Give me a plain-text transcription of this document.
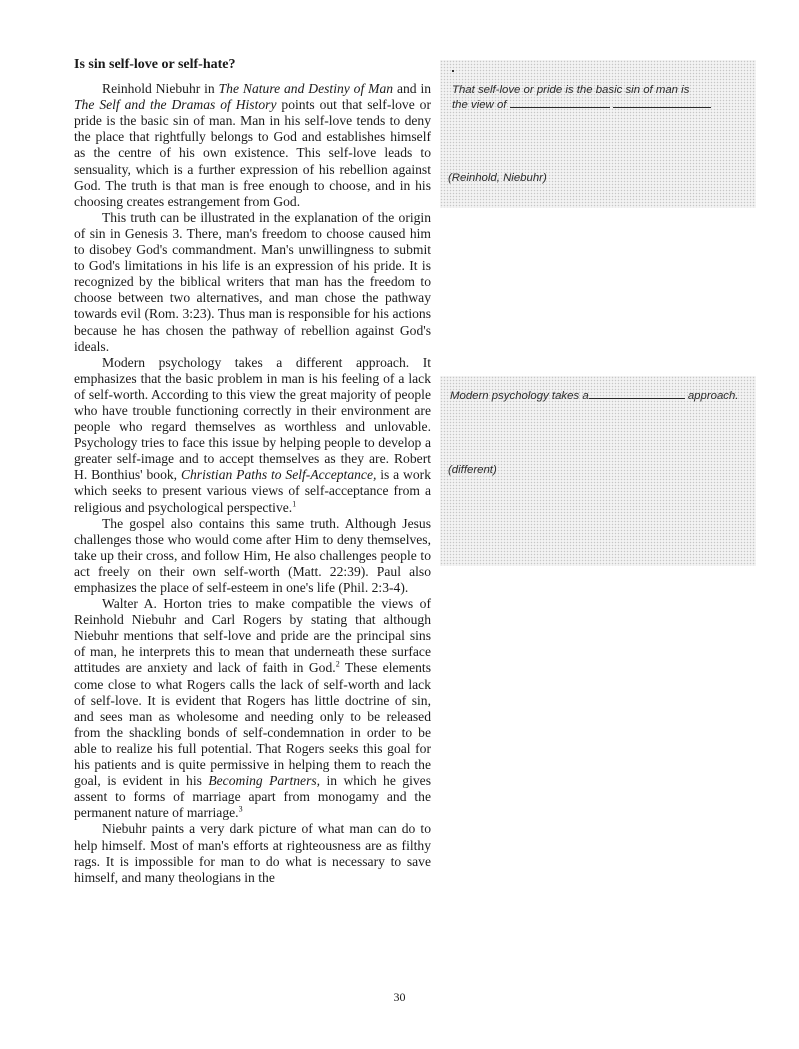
Is sin self-love or self-hate?

Reinhold Niebuhr in The Nature and Destiny of Man and in The Self and the Dramas of History points out that self-love or pride is the basic sin of man. Man in his self-love tends to deny the place that rightfully belongs to God and establishes himself as the centre of his own existence. This self-love leads to sensuality, which is a further expression of his rebellion against God. The truth is that man is free enough to choose, and in his choosing creates estrangement from God.

This truth can be illustrated in the explanation of the origin of sin in Genesis 3. There, man's freedom to choose caused him to disobey God's commandment. Man's unwillingness to submit to God's limitations in his life is an expression of his pride. It is recognized by the biblical writers that man has the freedom to choose between two alternatives, and man chose the pathway towards evil (Rom. 3:23). Thus man is responsible for his actions because he has chosen the pathway of rebellion against God's ideals.

Modern psychology takes a different approach. It emphasizes that the basic problem in man is his feeling of a lack of self-worth. According to this view the great majority of people who have trouble functioning correctly in their environment are people who regard themselves as worthless and unlovable. Psychology tries to face this issue by helping people to develop a greater self-image and to accept themselves as they are. Robert H. Bonthius' book, Christian Paths to Self-Acceptance, is a work which seeks to present various views of self-acceptance from a religious and psychological perspective.$^1$

The gospel also contains this same truth. Although Jesus challenges those who would come after Him to deny themselves, take up their cross, and follow Him, He also challenges people to act freely on their own self-worth (Matt. 22:39). Paul also emphasizes the place of self-esteem in one's life (Phil. 2:3-4).

Walter A. Horton tries to make compatible the views of Reinhold Niebuhr and Carl Rogers by stating that although Niebuhr mentions that self-love and pride are the principal sins of man, he interprets this to mean that underneath these surface attitudes are anxiety and lack of faith in God.$^2$ These elements come close to what Rogers calls the lack of self-worth and lack of self-love. It is evident that Rogers has little doctrine of sin, and sees man as wholesome and needing only to be released from the shackling bonds of self-condemnation in order to be able to realize his full potential. That Rogers seeks this goal for his patients and is quite permissive in helping them to reach the goal, is evident in his Becoming Partners, in which he gives assent to forms of marriage apart from monogamy and the permanent nature of marriage.$^3$

Niebuhr paints a very dark picture of what man can do to help himself. Most of man's efforts at righteousness are as filthy rags. It is impossible for man to do what is necessary to save himself, and many theologians in the

That self-love or pride is the basic sin of man is
the view of
(Reinhold, Niebuhr)
Modern psychology takes a	approach.
(different)
30
